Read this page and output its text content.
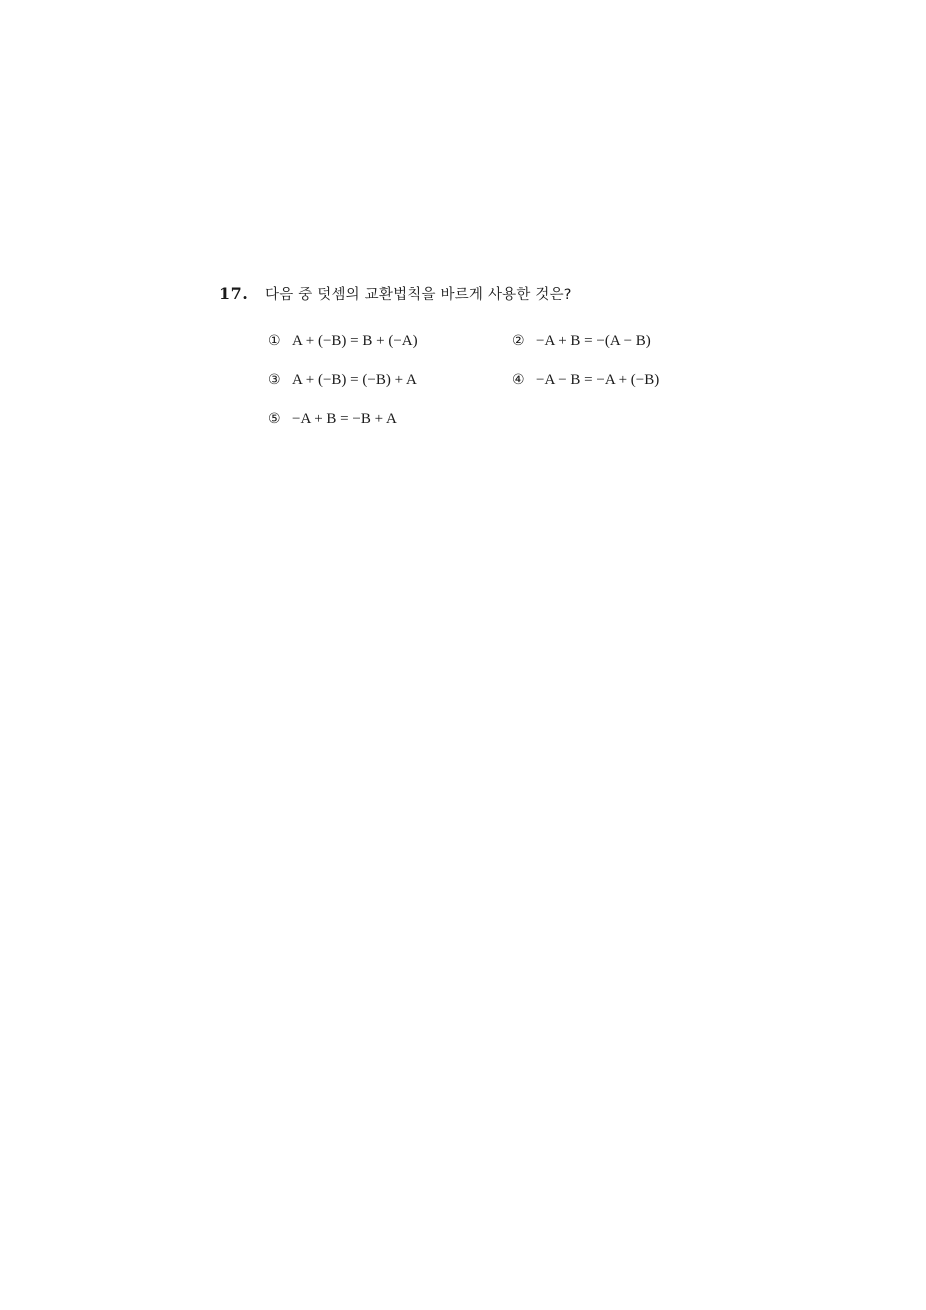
17.	다음 중 덧셈의 교환법칙을 바르게 사용한 것은?
① A + (−B) = B + (−A)	② −A + B = −(A − B)
③ A + (−B) = (−B) + A	④ −A − B = −A + (−B)
⑤ −A + B = −B + A
